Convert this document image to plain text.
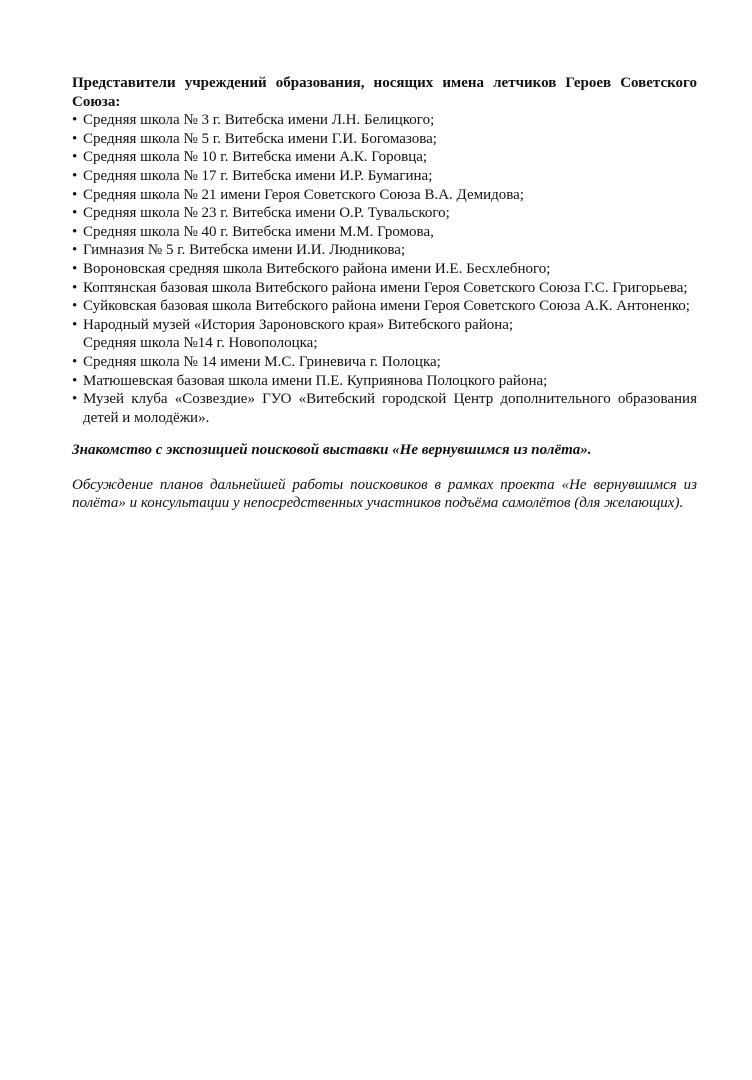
Представители учреждений образования, носящих имена летчиков Героев Советского Союза:

• Средняя школа № 3 г. Витебска имени Л.Н. Белицкого;
• Средняя школа № 5 г. Витебска имени Г.И. Богомазова;
• Средняя школа № 10 г. Витебска имени А.К. Горовца;
• Средняя школа № 17 г. Витебска имени И.Р. Бумагина;
• Средняя школа № 21 имени Героя Советского Союза В.А. Демидова;
• Средняя школа № 23 г. Витебска имени О.Р. Тувальского;
• Средняя школа № 40 г. Витебска имени М.М. Громова,
• Гимназия № 5 г. Витебска имени И.И. Людникова;
• Вороновская средняя школа Витебского района имени И.Е. Бесхлебного;
• Коптянская базовая школа Витебского района имени Героя Советского Союза Г.С. Григорьева;
• Суйковская базовая школа Витебского района имени Героя Советского Союза А.К. Антоненко;
• Народный музей «История Зароновского края» Витебского района;
Средняя школа №14 г. Новополоцка;
• Средняя школа № 14 имени М.С. Гриневича г. Полоцка;
• Матюшевская базовая школа имени П.Е. Куприянова Полоцкого района;
• Музей клуба «Созвездие» ГУО «Витебский городской Центр дополнительного образования детей и молодёжи».

Знакомство с экспозицией поисковой выставки «Не вернувшимся из полёта».

Обсуждение планов дальнейшей работы поисковиков в рамках проекта «Не вернувшимся из полёта» и консультации у непосредственных участников подъёма самолётов (для желающих).
